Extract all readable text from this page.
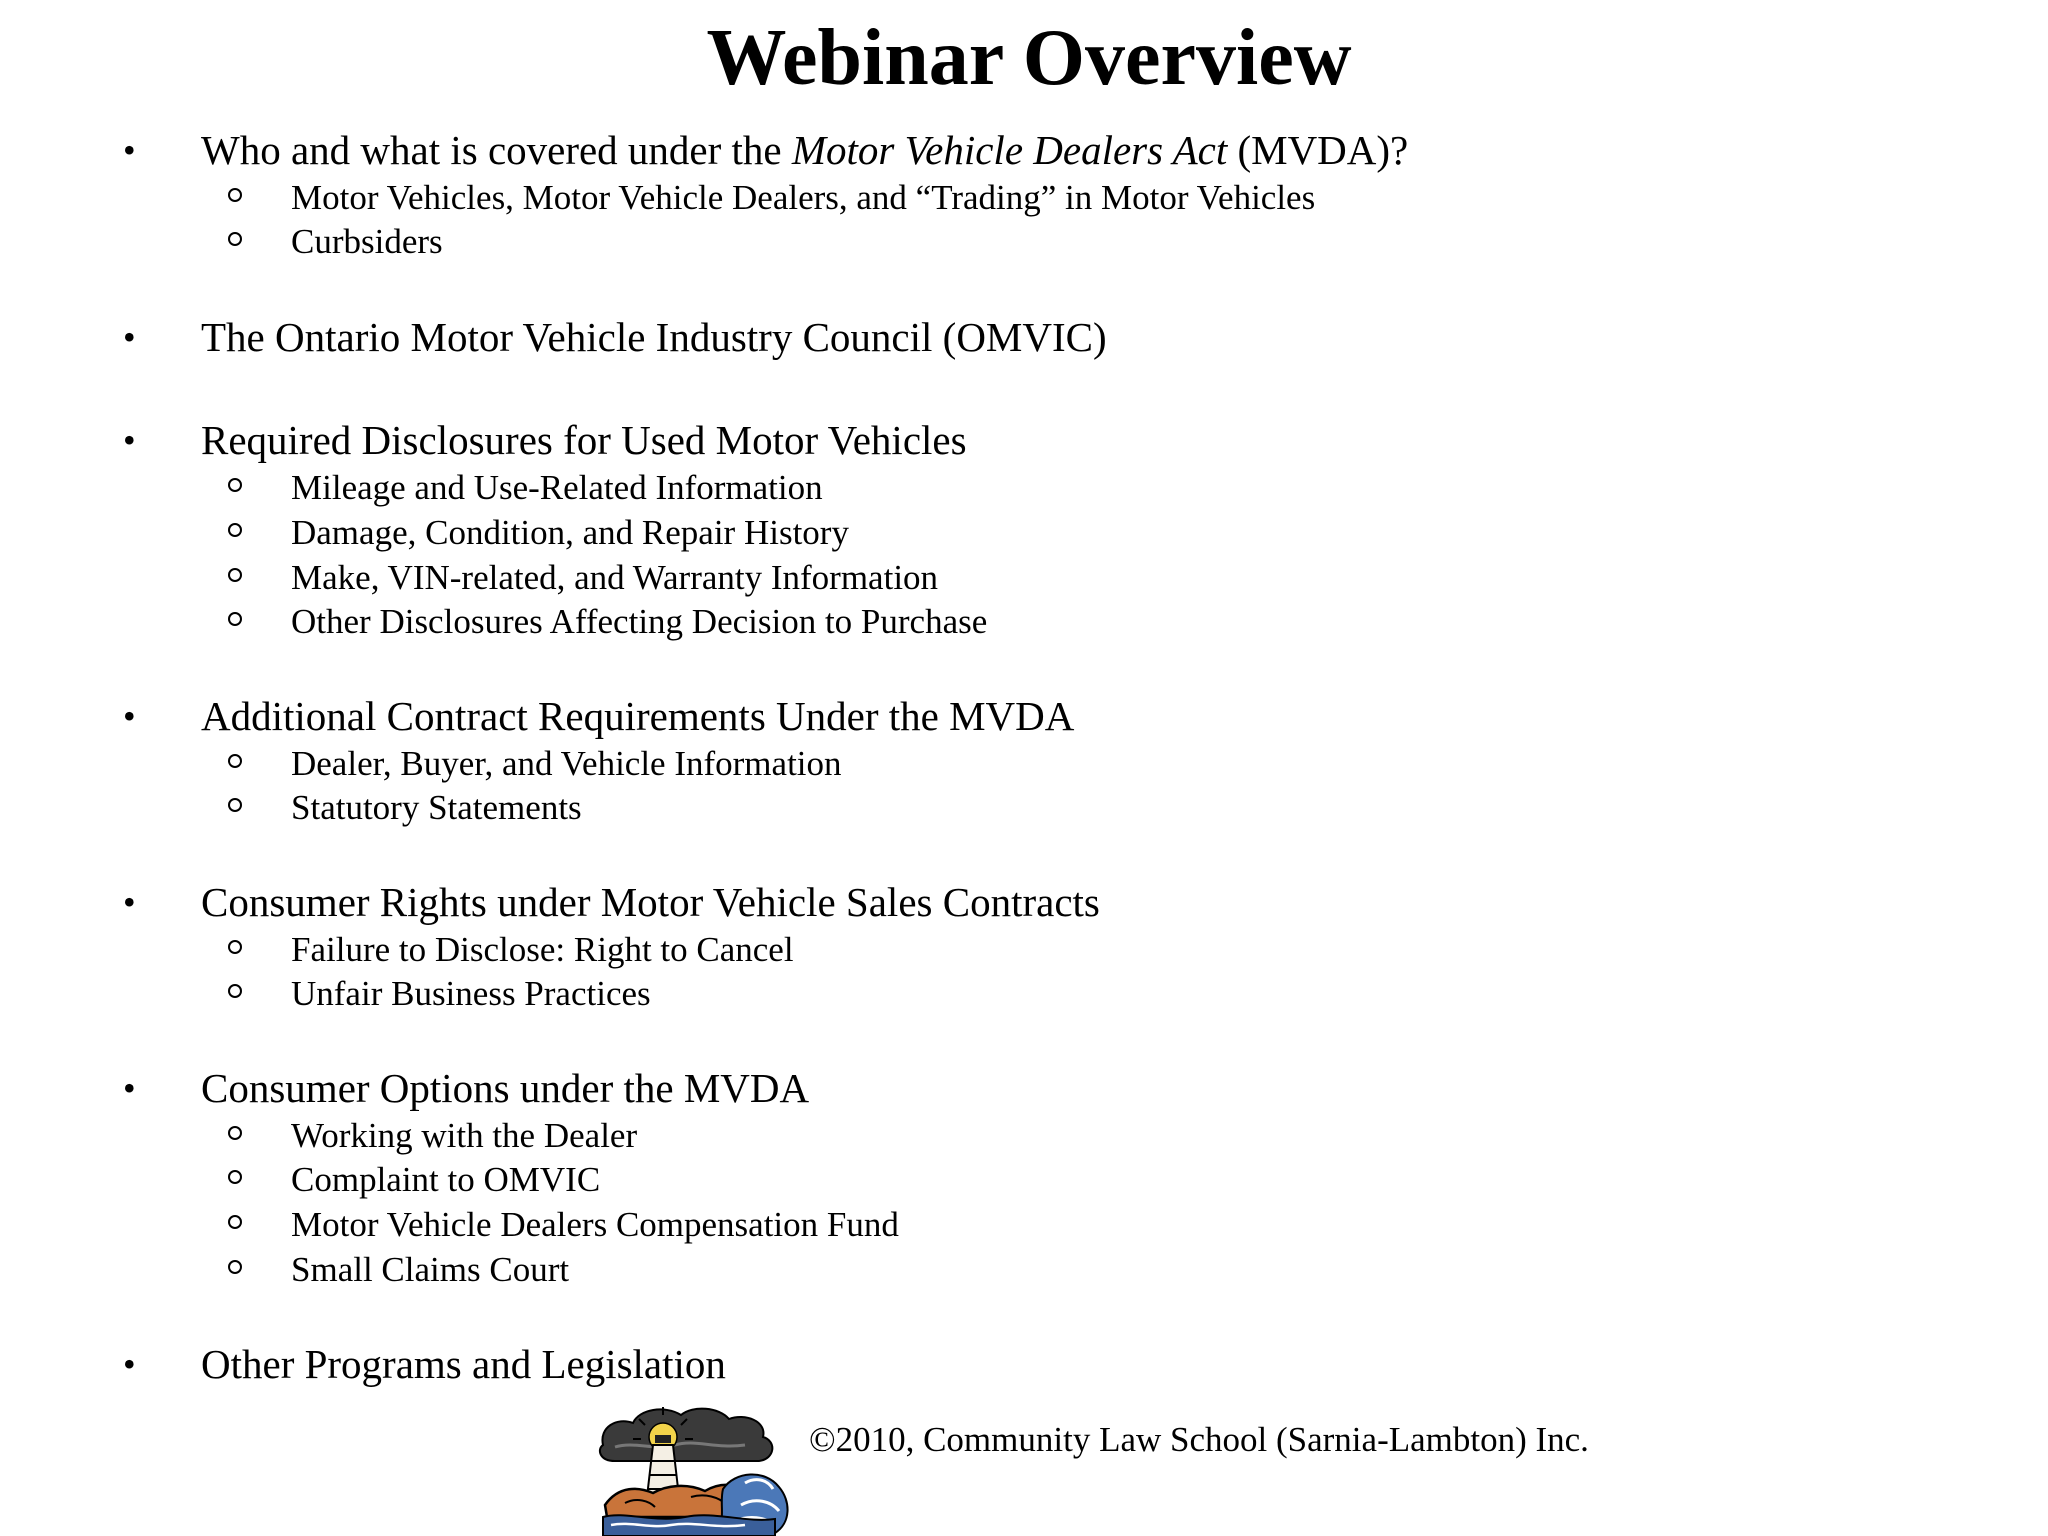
Webinar Overview
• Who and what is covered under the Motor Vehicle Dealers Act (MVDA)?
Motor Vehicles, Motor Vehicle Dealers, and “Trading” in Motor Vehicles
Curbsiders
• The Ontario Motor Vehicle Industry Council (OMVIC)
• Required Disclosures for Used Motor Vehicles
Mileage and Use-Related Information
Damage, Condition, and Repair History
Make, VIN-related, and Warranty Information
Other Disclosures Affecting Decision to Purchase
• Additional Contract Requirements Under the MVDA
Dealer, Buyer, and Vehicle Information
Statutory Statements
• Consumer Rights under Motor Vehicle Sales Contracts
Failure to Disclose: Right to Cancel
Unfair Business Practices
• Consumer Options under the MVDA
Working with the Dealer
Complaint to OMVIC
Motor Vehicle Dealers Compensation Fund
Small Claims Court
• Other Programs and Legislation
©2010, Community Law School (Sarnia-Lambton) Inc.
